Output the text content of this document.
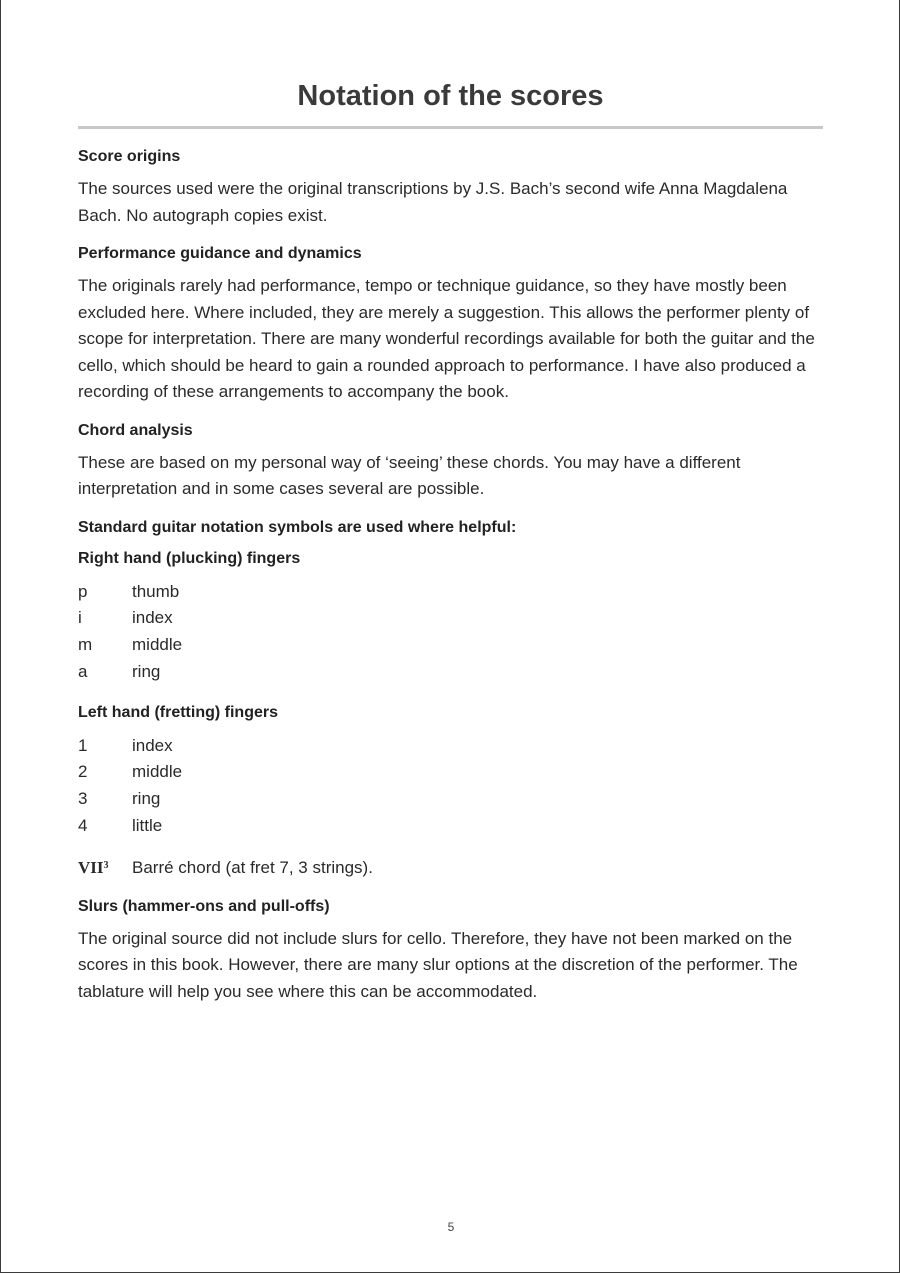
Notation of the scores
Score origins

The sources used were the original transcriptions by J.S. Bach’s second wife Anna Magdalena Bach. No autograph copies exist.

Performance guidance and dynamics

The originals rarely had performance, tempo or technique guidance, so they have mostly been excluded here. Where included, they are merely a suggestion. This allows the performer plenty of scope for interpretation. There are many wonderful recordings available for both the guitar and the cello, which should be heard to gain a rounded approach to performance. I have also produced a recording of these arrangements to accompany the book.

Chord analysis

These are based on my personal way of ‘seeing’ these chords. You may have a different interpretation and in some cases several are possible.

Standard guitar notation symbols are used where helpful:
Right hand (plucking) fingers
p	thumb
i	index
m	middle
a	ring
Left hand (fretting) fingers
1	index
2	middle
3	ring
4	little
VII$^3$	Barré chord (at fret 7, 3 strings).
Slurs (hammer-ons and pull-offs)

The original source did not include slurs for cello. Therefore, they have not been marked on the scores in this book. However, there are many slur options at the discretion of the performer. The tablature will help you see where this can be accommodated.

5
